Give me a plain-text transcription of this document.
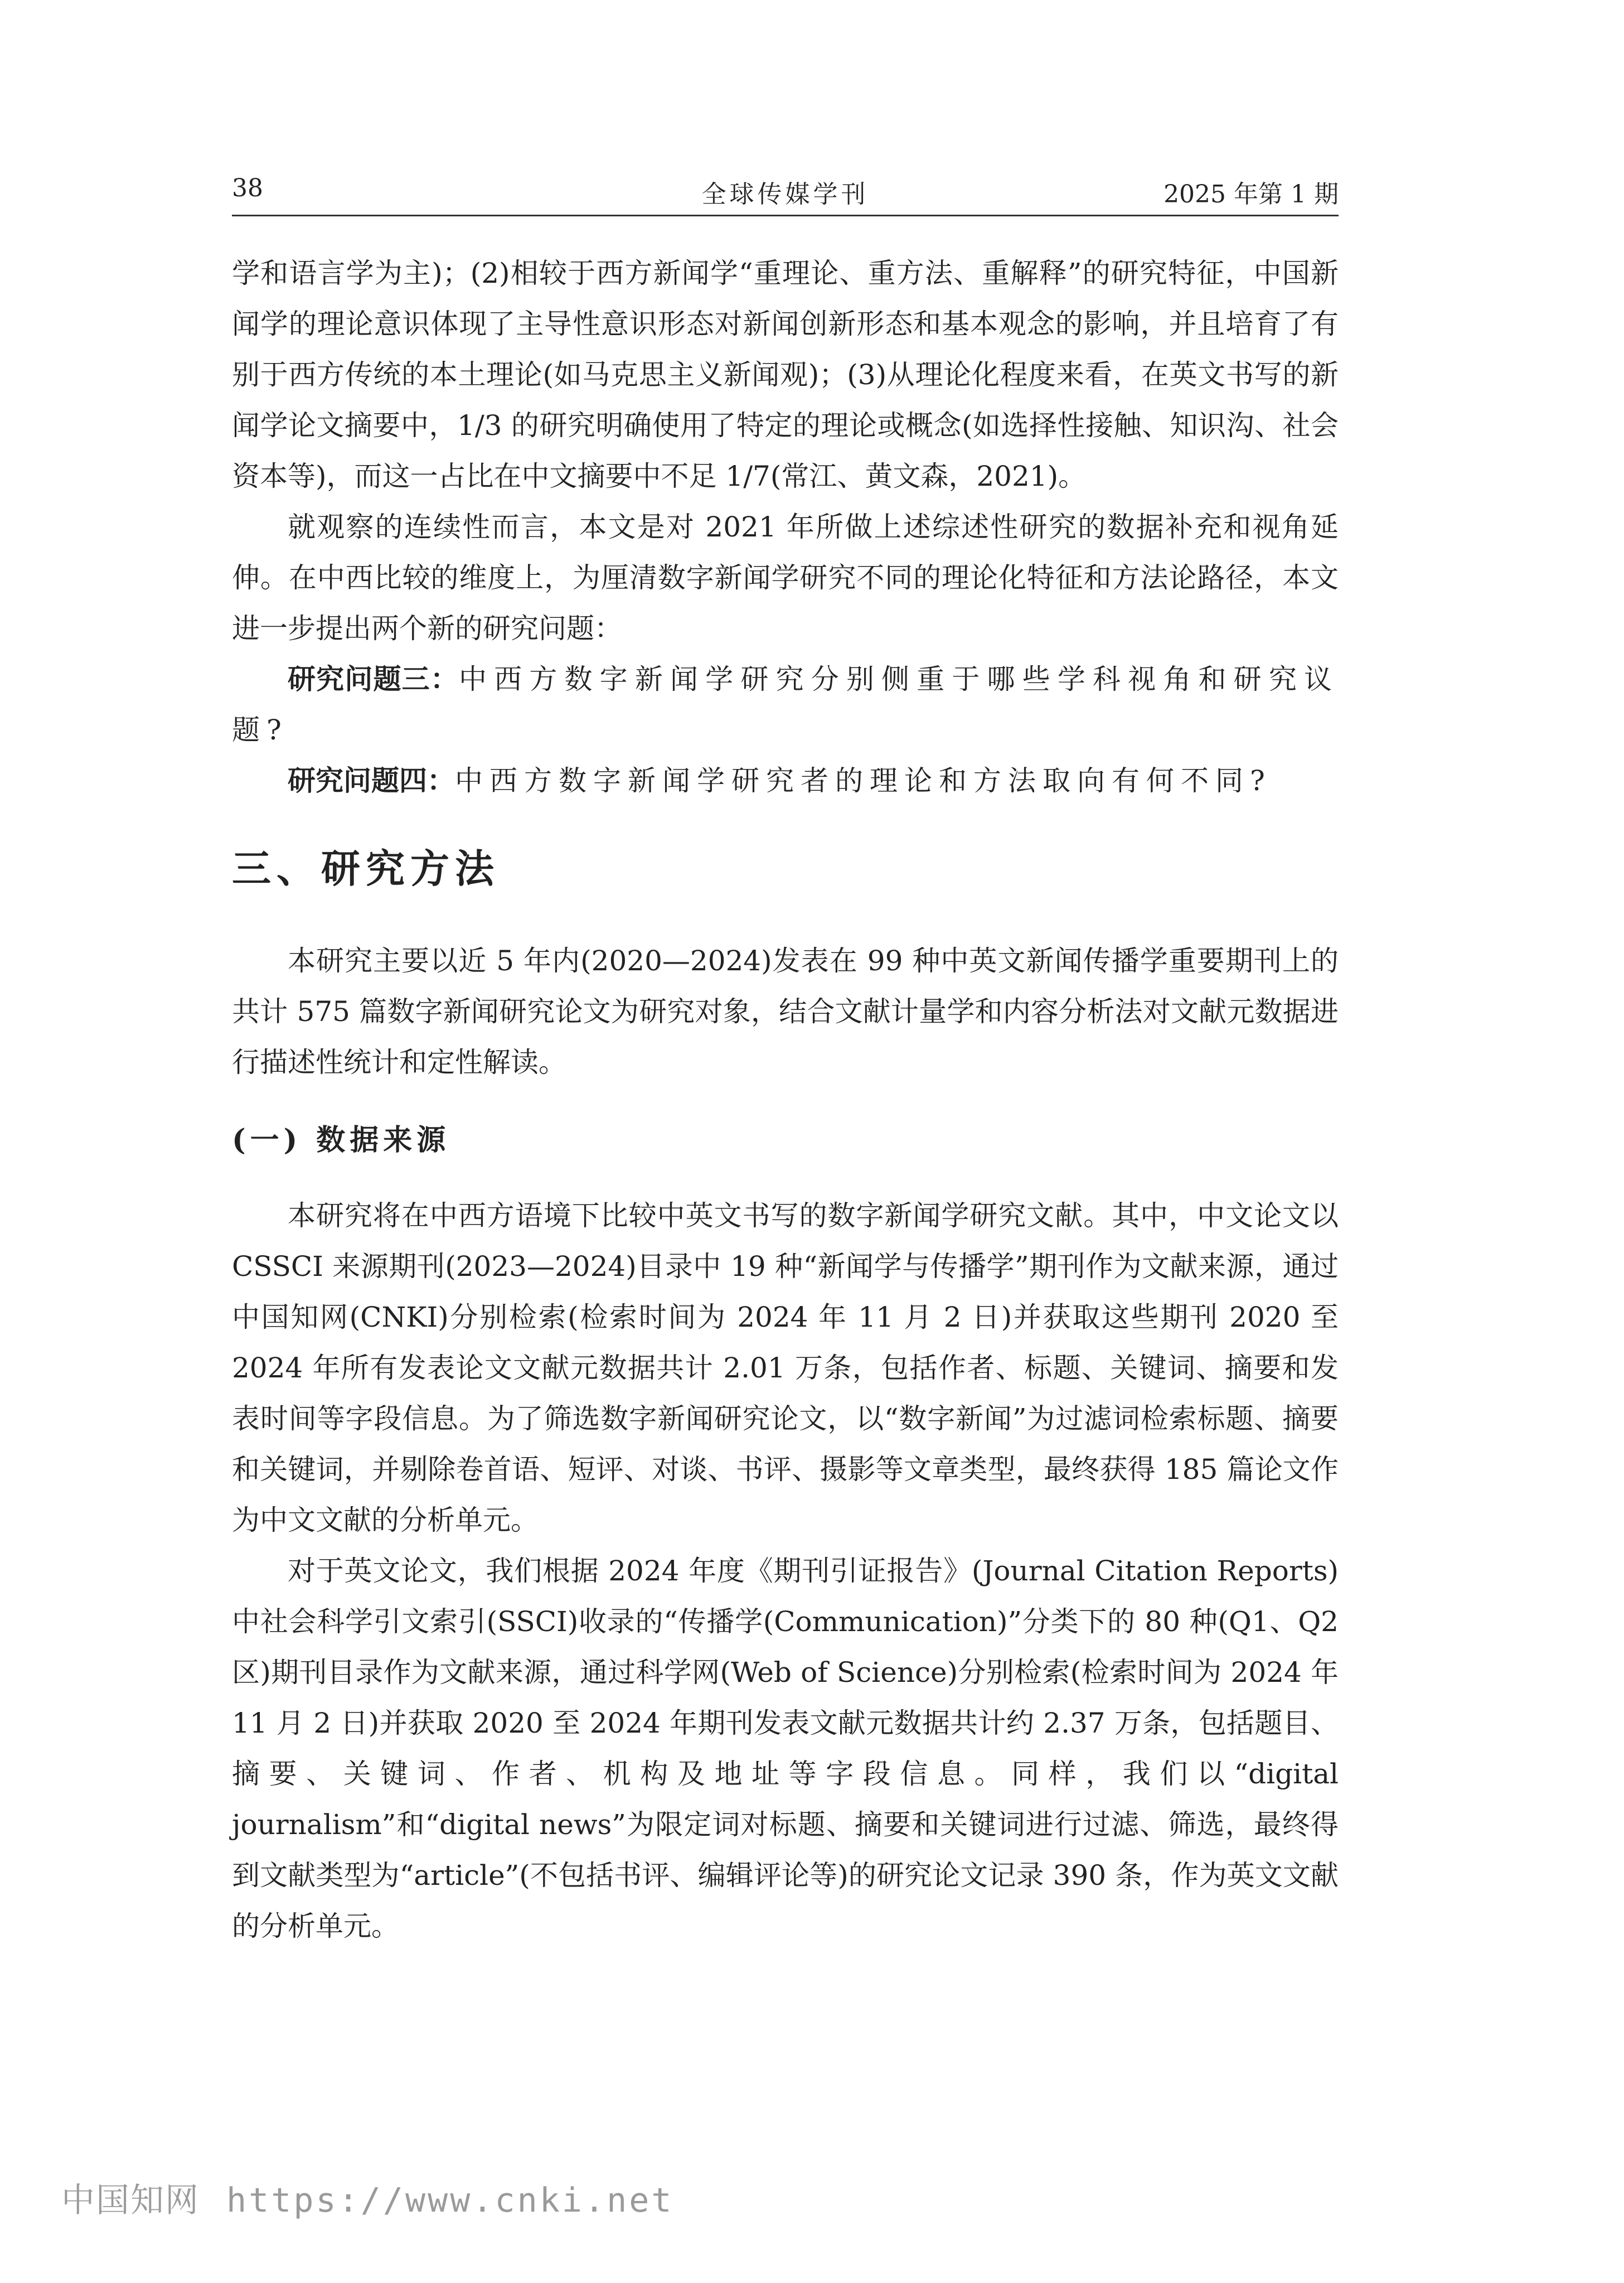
38	全球传媒学刊	2025 年第 1 期

学和语言学为主)；(2)相较于西方新闻学“重理论、重方法、重解释”的研究特征，中国新闻学的理论意识体现了主导性意识形态对新闻创新形态和基本观念的影响，并且培育了有别于西方传统的本土理论(如马克思主义新闻观)；(3)从理论化程度来看，在英文书写的新闻学论文摘要中，1/3 的研究明确使用了特定的理论或概念(如选择性接触、知识沟、社会资本等)，而这一占比在中文摘要中不足 1/7(常江、黄文森，2021)。

就观察的连续性而言，本文是对 2021 年所做上述综述性研究的数据补充和视角延伸。在中西比较的维度上，为厘清数字新闻学研究不同的理论化特征和方法论路径，本文进一步提出两个新的研究问题：

研究问题三：中西方数字新闻学研究分别侧重于哪些学科视角和研究议题?

研究问题四：中西方数字新闻学研究者的理论和方法取向有何不同?

三、研究方法

本研究主要以近 5 年内(2020—2024)发表在 99 种中英文新闻传播学重要期刊上的共计 575 篇数字新闻研究论文为研究对象，结合文献计量学和内容分析法对文献元数据进行描述性统计和定性解读。

(一) 数据来源

本研究将在中西方语境下比较中英文书写的数字新闻学研究文献。其中，中文论文以 CSSCI 来源期刊(2023—2024)目录中 19 种“新闻学与传播学”期刊作为文献来源，通过中国知网(CNKI)分别检索(检索时间为 2024 年 11 月 2 日)并获取这些期刊 2020 至 2024 年所有发表论文文献元数据共计 2.01 万条，包括作者、标题、关键词、摘要和发表时间等字段信息。为了筛选数字新闻研究论文，以“数字新闻”为过滤词检索标题、摘要和关键词，并剔除卷首语、短评、对谈、书评、摄影等文章类型，最终获得 185 篇论文作为中文文献的分析单元。

对于英文论文，我们根据 2024 年度《期刊引证报告》(Journal Citation Reports)中社会科学引文索引(SSCI)收录的“传播学(Communication)”分类下的 80 种(Q1、Q2 区)期刊目录作为文献来源，通过科学网(Web of Science)分别检索(检索时间为 2024 年 11 月 2 日)并获取 2020 至 2024 年期刊发表文献元数据共计约 2.37 万条，包括题目、摘要、关键词、作者、机构及地址等字段信息。同样，我们以“digital journalism”和“digital news”为限定词对标题、摘要和关键词进行过滤、筛选，最终得到文献类型为“article”(不包括书评、编辑评论等)的研究论文记录 390 条，作为英文文献的分析单元。

中国知网 https://www.cnki.net
